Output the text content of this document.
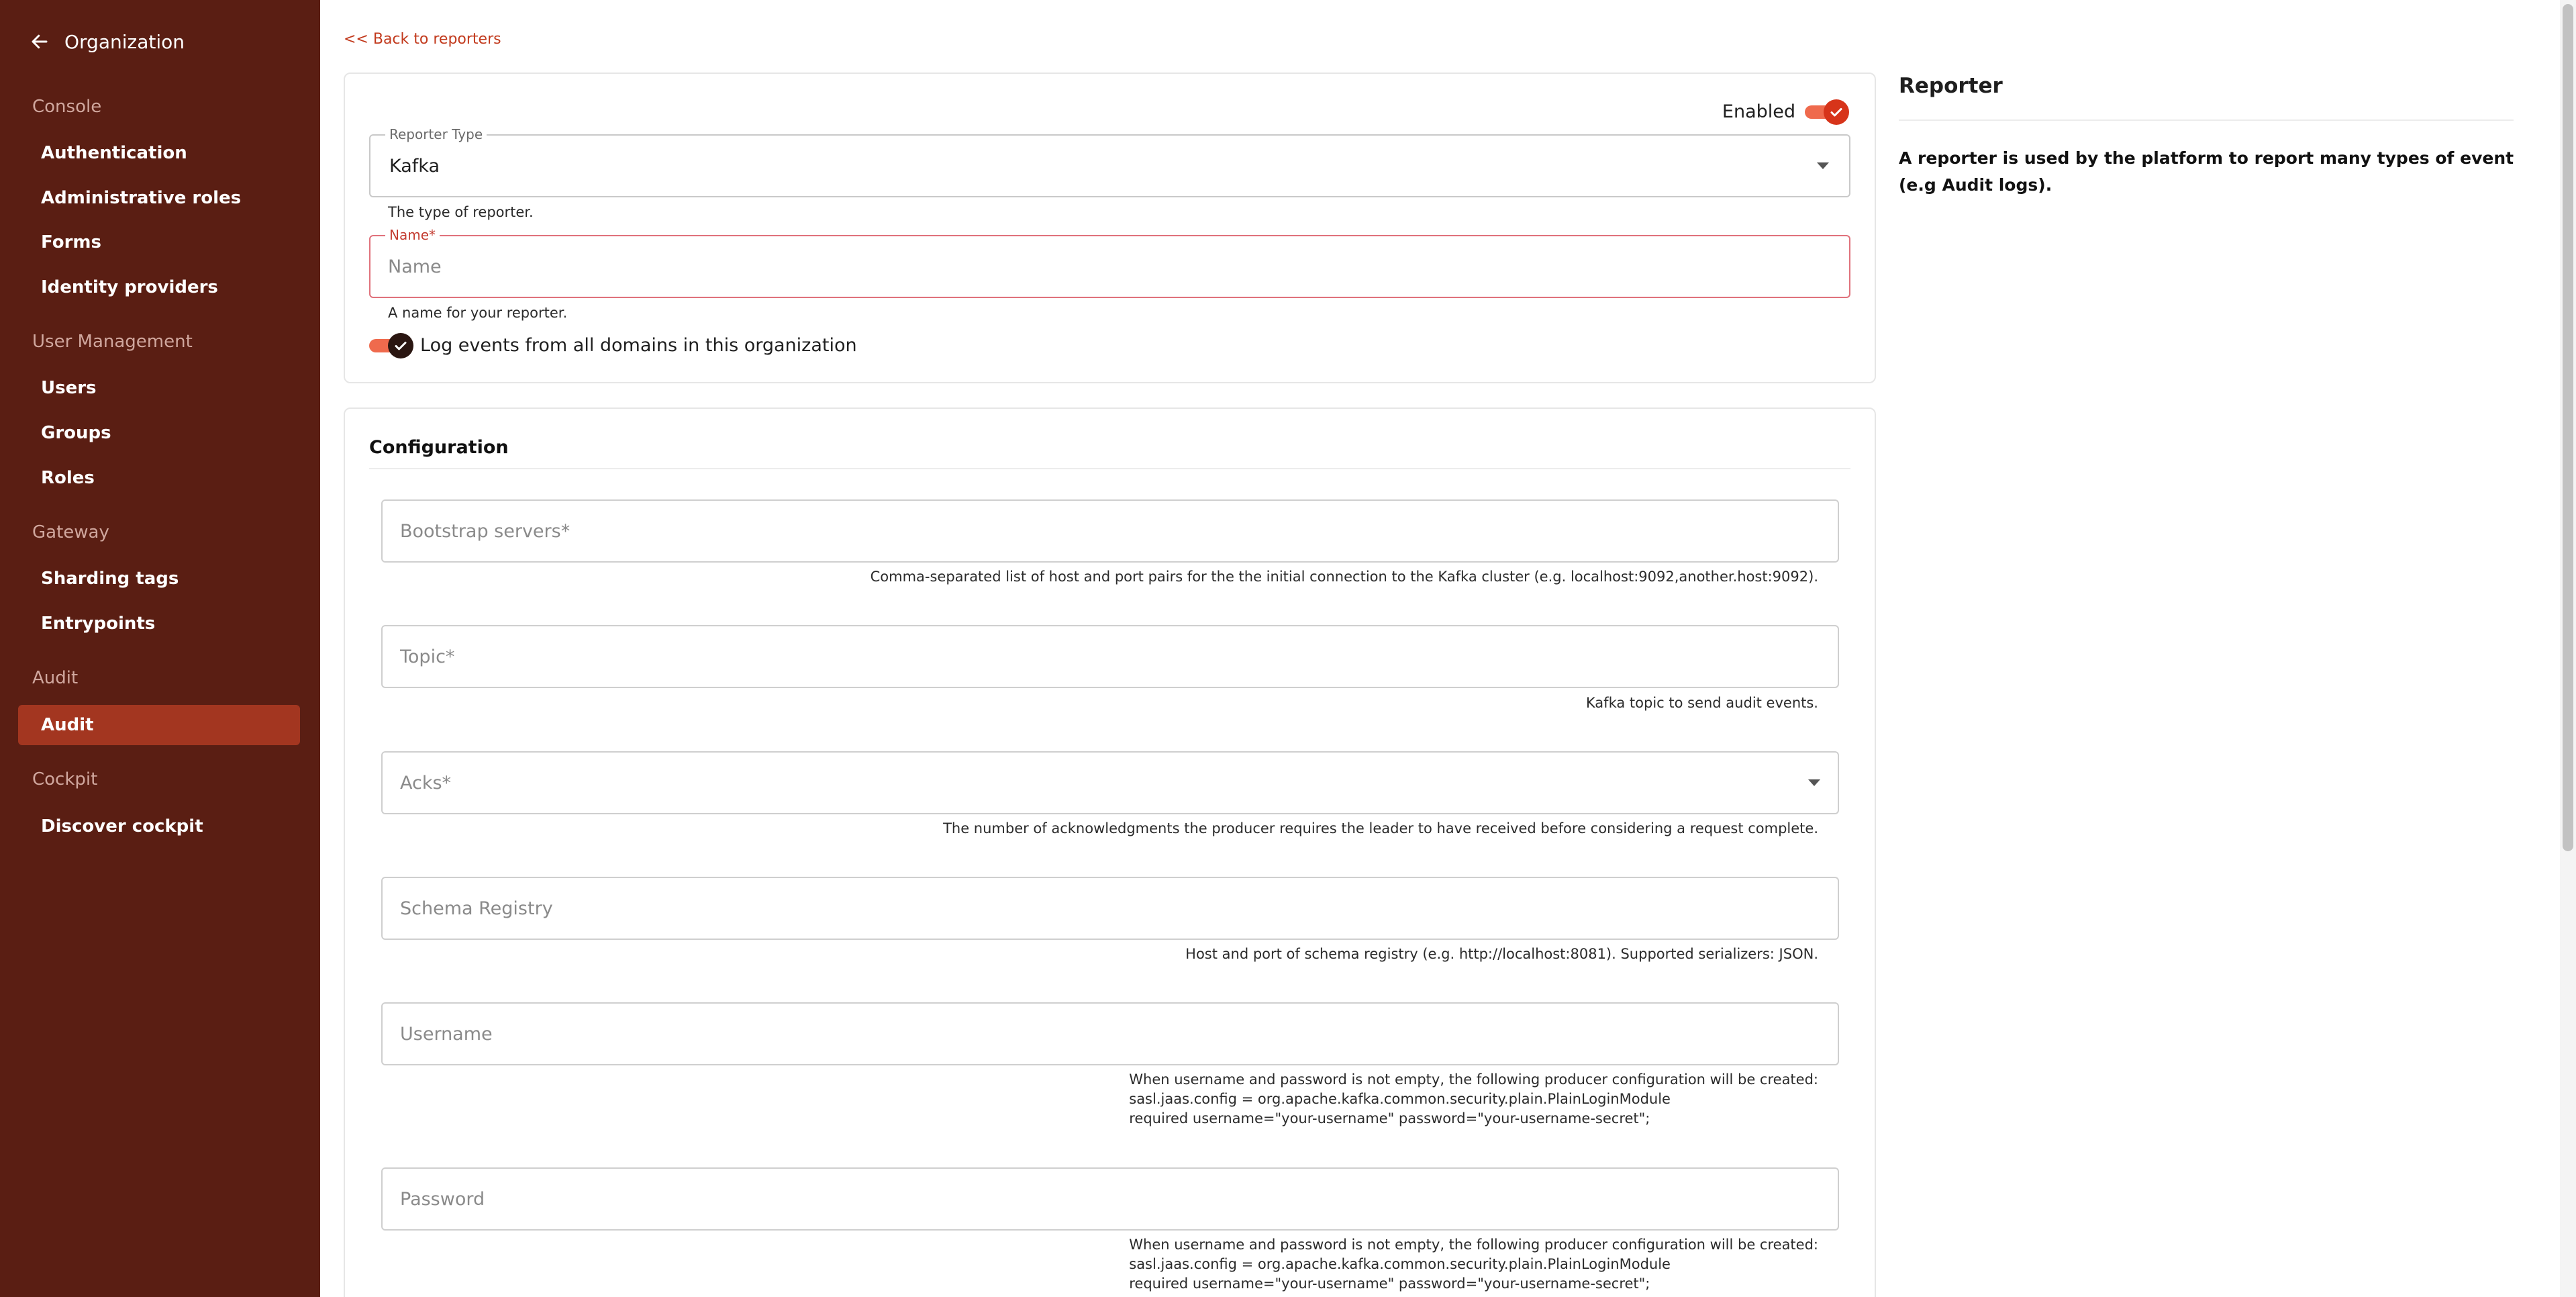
Organization
Console
Authentication
Administrative roles
Forms
Identity providers
User Management
Users
Groups
Roles
Gateway
Sharding tags
Entrypoints
Audit
Audit
Cockpit
Discover cockpit
<< Back to reporters
Enabled
Reporter Type
Kafka
The type of reporter.
Name*
Name
A name for your reporter.
Log events from all domains in this organization
Configuration
Bootstrap servers*
Comma-separated list of host and port pairs for the the initial connection to the Kafka cluster (e.g. localhost:9092,another.host:9092).
Topic*
Kafka topic to send audit events.
Acks*
The number of acknowledgments the producer requires the leader to have received before considering a request complete.
Schema Registry
Host and port of schema registry (e.g. http://localhost:8081). Supported serializers: JSON.
Username
When username and password is not empty, the following producer configuration will be created:
sasl.jaas.config = org.apache.kafka.common.security.plain.PlainLoginModule
required username="your-username" password="your-username-secret";
When username and password is not empty, the following producer configuration will be created:
sasl.jaas.config = org.apache.kafka.common.security.plain.PlainLoginModule
required username="your-username" password="your-username-secret";
Reporter
A reporter is used by the platform to report many types of event (e.g Audit logs).
